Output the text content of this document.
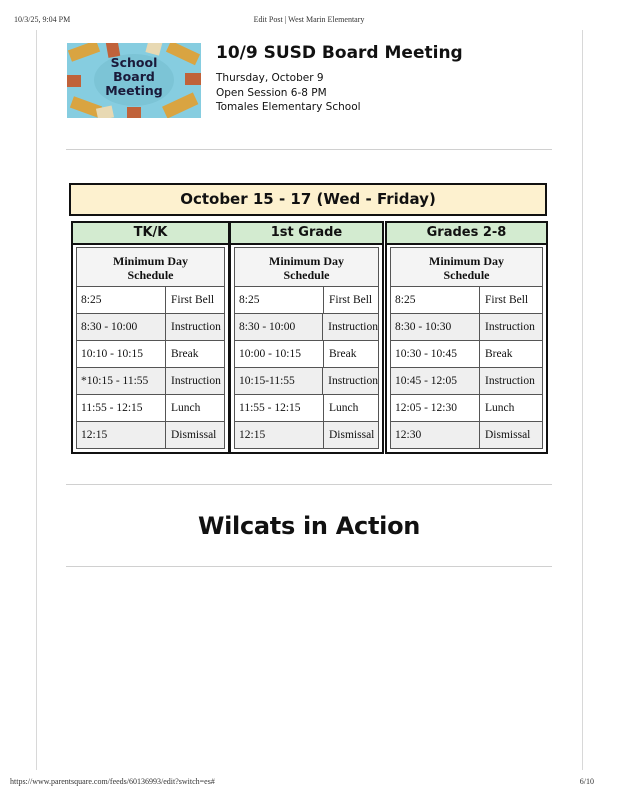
10/3/25, 9:04 PM	Edit Post | West Marin Elementary
School
Board
Meeting
10/9 SUSD Board Meeting
Thursday, October 9
Open Session 6-8 PM
Tomales Elementary School
October 15 - 17 (Wed - Friday)
TK/K
Minimum Day
Schedule
8:25	First Bell
8:30 - 10:00	Instruction
10:10 - 10:15	Break
*10:15 - 11:55	Instruction
11:55 - 12:15	Lunch
12:15	Dismissal
1st Grade
Minimum Day
Schedule
8:25	First Bell
8:30 - 10:00	Instruction
10:00 - 10:15	Break
10:15-11:55	Instruction
11:55 - 12:15	Lunch
12:15	Dismissal
Grades 2-8
Minimum Day
Schedule
8:25	First Bell
8:30 - 10:30	Instruction
10:30 - 10:45	Break
10:45 - 12:05	Instruction
12:05 - 12:30	Lunch
12:30	Dismissal
Wilcats in Action
https://www.parentsquare.com/feeds/60136993/edit?switch=es#	6/10
